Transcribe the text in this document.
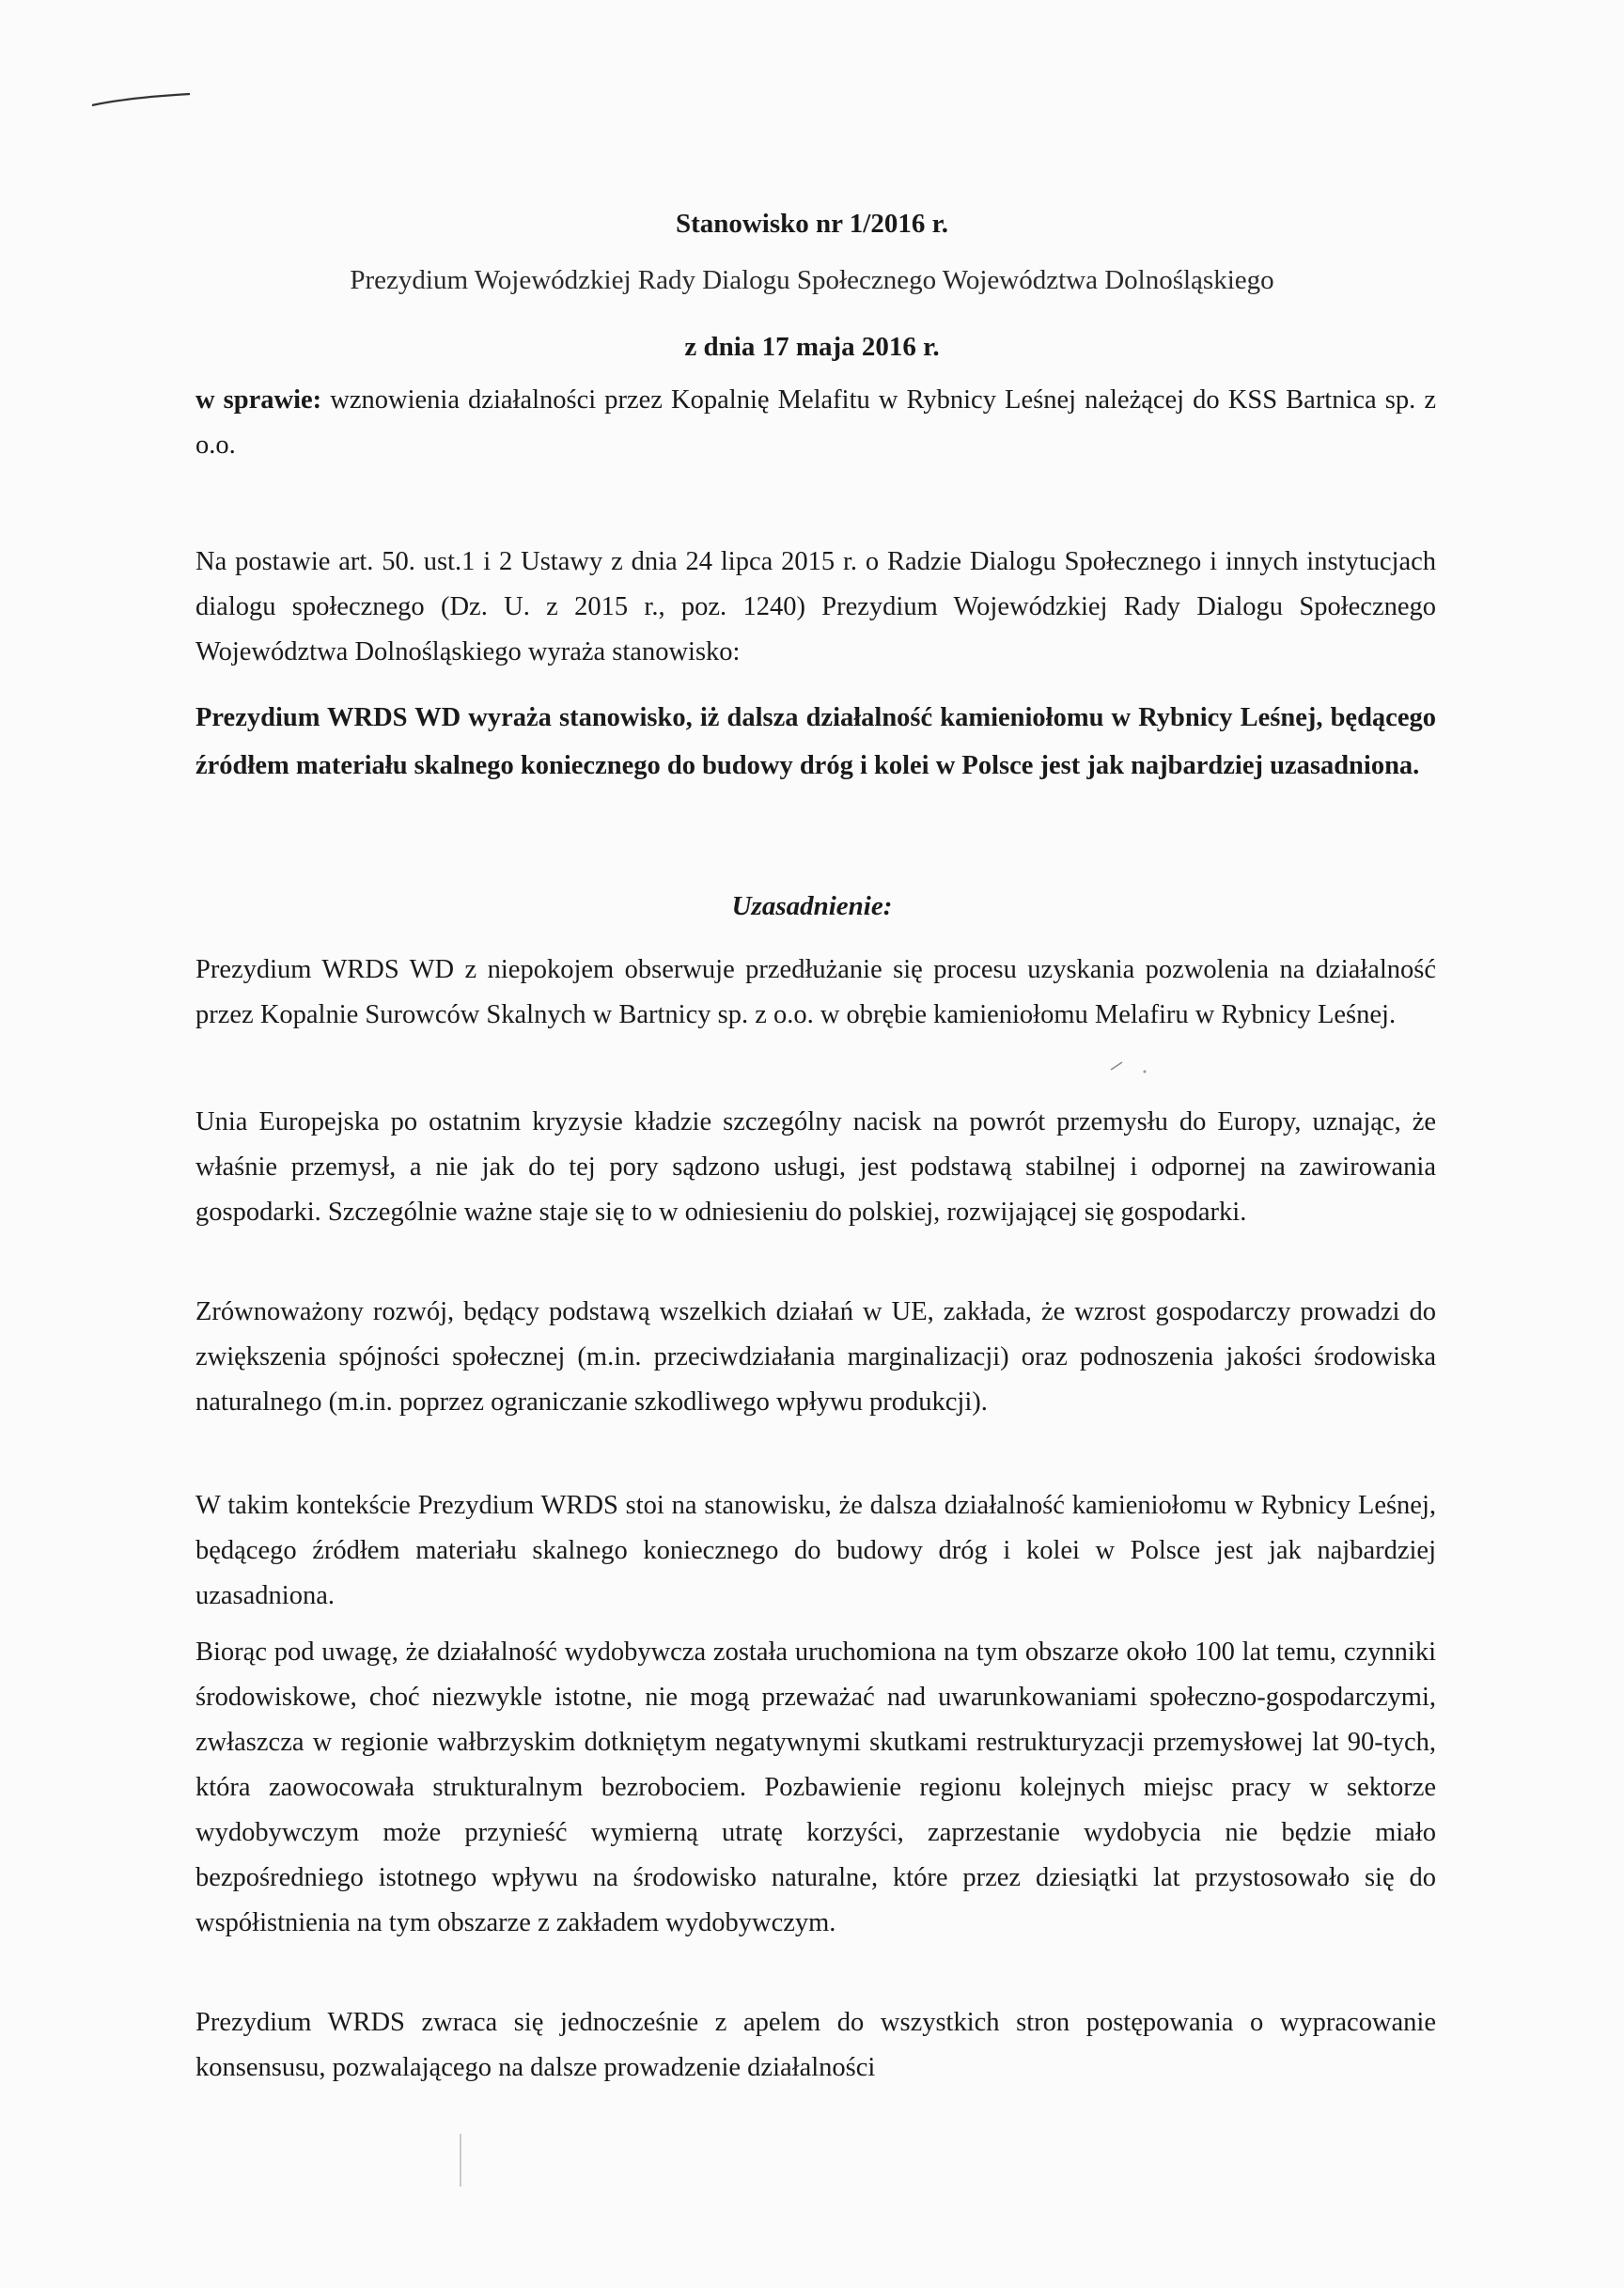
Stanowisko nr 1/2016 r.
Prezydium Wojewódzkiej Rady Dialogu Społecznego Województwa Dolnośląskiego
z dnia 17 maja 2016 r.
w sprawie: wznowienia działalności przez Kopalnię Melafitu w Rybnicy Leśnej należącej do KSS Bartnica sp. z o.o.
Na postawie art. 50. ust.1 i 2 Ustawy z dnia 24 lipca 2015 r. o Radzie Dialogu Społecznego i innych instytucjach dialogu społecznego (Dz. U. z 2015 r., poz. 1240) Prezydium Wojewódzkiej Rady Dialogu Społecznego Województwa Dolnośląskiego wyraża stanowisko:
Prezydium WRDS WD wyraża stanowisko, iż dalsza działalność kamieniołomu w Rybnicy Leśnej, będącego źródłem materiału skalnego koniecznego do budowy dróg i kolei w Polsce jest jak najbardziej uzasadniona.
Uzasadnienie:
Prezydium WRDS WD z niepokojem obserwuje przedłużanie się procesu uzyskania pozwolenia na działalność przez Kopalnie Surowców Skalnych w Bartnicy sp. z o.o. w obrębie kamieniołomu Melafiru w Rybnicy Leśnej.
Unia Europejska po ostatnim kryzysie kładzie szczególny nacisk na powrót przemysłu do Europy, uznając, że właśnie przemysł, a nie jak do tej pory sądzono usługi, jest podstawą stabilnej i odpornej na zawirowania gospodarki. Szczególnie ważne staje się to w odniesieniu do polskiej, rozwijającej się gospodarki.
Zrównoważony rozwój, będący podstawą wszelkich działań w UE, zakłada, że wzrost gospodarczy prowadzi do zwiększenia spójności społecznej (m.in. przeciwdziałania marginalizacji) oraz podnoszenia jakości środowiska naturalnego (m.in. poprzez ograniczanie szkodliwego wpływu produkcji).
W takim kontekście Prezydium WRDS stoi na stanowisku, że dalsza działalność kamieniołomu w Rybnicy Leśnej, będącego źródłem materiału skalnego koniecznego do budowy dróg i kolei w Polsce jest jak najbardziej uzasadniona.
Biorąc pod uwagę, że działalność wydobywcza została uruchomiona na tym obszarze około 100 lat temu, czynniki środowiskowe, choć niezwykle istotne, nie mogą przeważać nad uwarunkowaniami społeczno-gospodarczymi, zwłaszcza w regionie wałbrzyskim dotkniętym negatywnymi skutkami restrukturyzacji przemysłowej lat 90-tych, która zaowocowała strukturalnym bezrobociem. Pozbawienie regionu kolejnych miejsc pracy w sektorze wydobywczym może przynieść wymierną utratę korzyści, zaprzestanie wydobycia nie będzie miało bezpośredniego istotnego wpływu na środowisko naturalne, które przez dziesiątki lat przystosowało się do współistnienia na tym obszarze z zakładem wydobywczym.
Prezydium WRDS zwraca się jednocześnie z apelem do wszystkich stron postępowania o wypracowanie konsensusu, pozwalającego na dalsze prowadzenie działalności
